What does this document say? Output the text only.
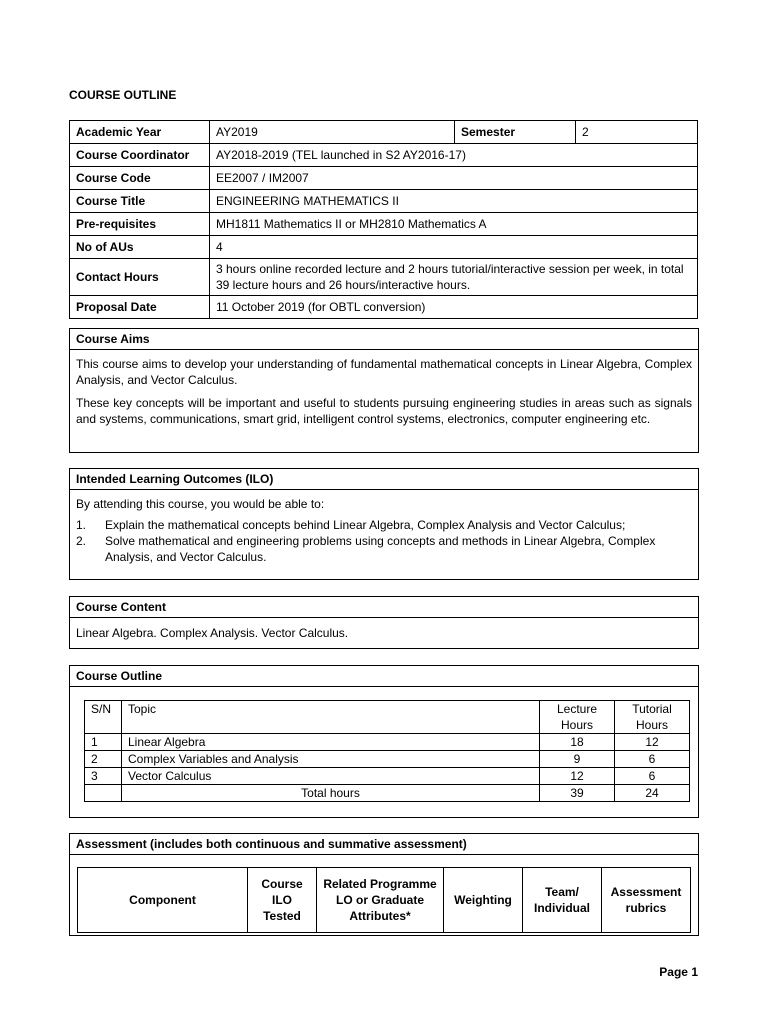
COURSE OUTLINE
Academic Year	AY2019	Semester	2
Course Coordinator	AY2018-2019 (TEL launched in S2 AY2016-17)		
Course Code	EE2007 / IM2007		
Course Title	ENGINEERING MATHEMATICS II		
Pre-requisites	MH1811 Mathematics II or MH2810 Mathematics A		
No of AUs	4		
Contact Hours	3 hours online recorded lecture and 2 hours tutorial/interactive session per week, in total 39 lecture hours and 26 hours/interactive hours.		
Proposal Date	11 October 2019 (for OBTL conversion)		
Course Aims

This course aims to develop your understanding of fundamental mathematical concepts in Linear Algebra, Complex Analysis, and Vector Calculus.

These key concepts will be important and useful to students pursuing engineering studies in areas such as signals and systems, communications, smart grid, intelligent control systems, electronics, computer engineering etc.

Intended Learning Outcomes (ILO)

By attending this course, you would be able to:

1.	Explain the mathematical concepts behind Linear Algebra, Complex Analysis and Vector Calculus;
2.	Solve mathematical and engineering problems using concepts and methods in Linear Algebra, Complex Analysis, and Vector Calculus.
Course Content

Linear Algebra. Complex Analysis. Vector Calculus.

Course Outline
S/N	Topic	Lecture Hours	Tutorial Hours
1	Linear Algebra	18	12
2	Complex Variables and Analysis	9	6
3	Vector Calculus	12	6
	Total hours	39	24
Assessment (includes both continuous and summative assessment)
Component	Course ILO Tested	Related Programme LO or Graduate Attributes*	Weighting	Team/ Individual	Assessment rubrics
Page 1
